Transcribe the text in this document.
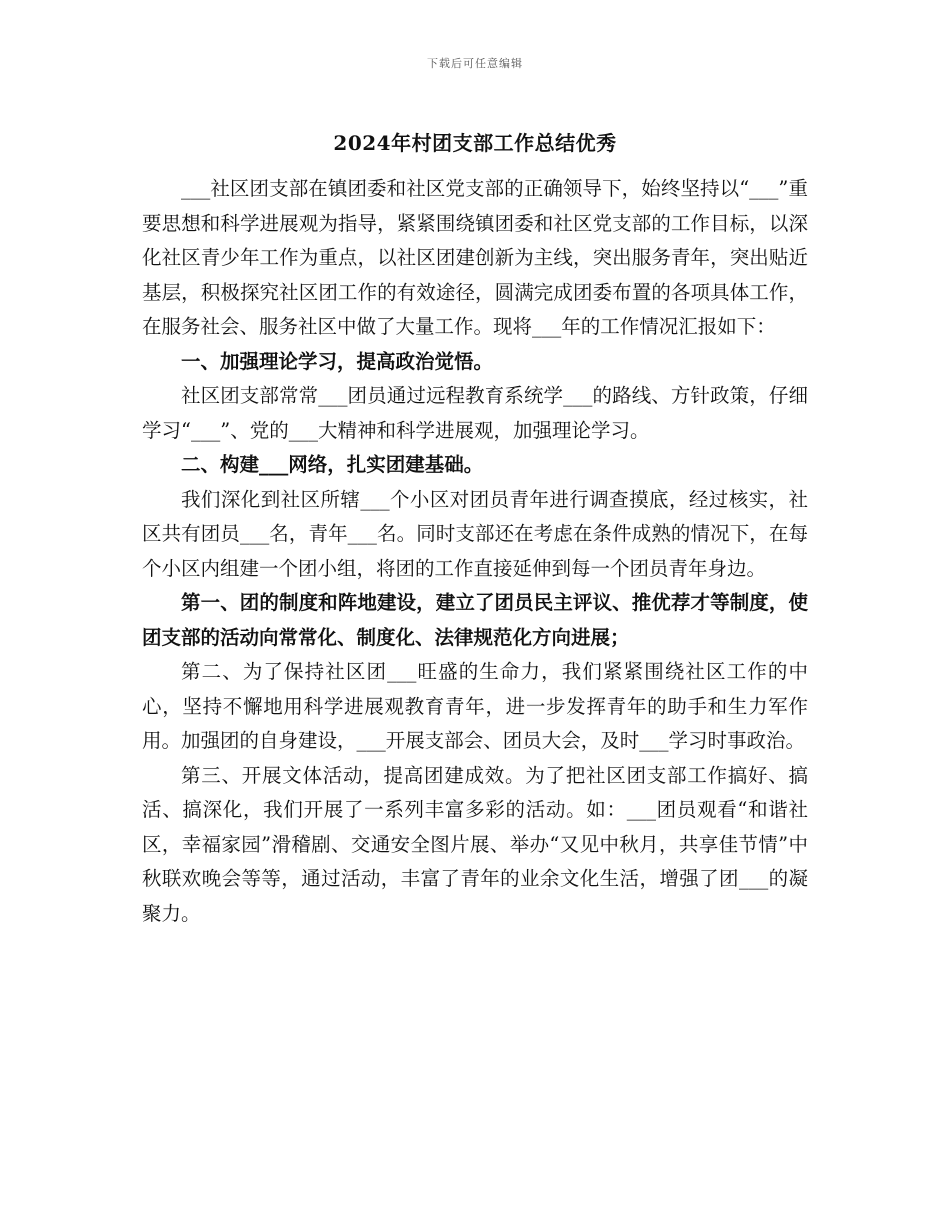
下载后可任意编辑
2024年村团支部工作总结优秀

___社区团支部在镇团委和社区党支部的正确领导下，始终坚持以“___”重要思想和科学进展观为指导，紧紧围绕镇团委和社区党支部的工作目标，以深化社区青少年工作为重点，以社区团建创新为主线，突出服务青年，突出贴近基层，积极探究社区团工作的有效途径，圆满完成团委布置的各项具体工作，在服务社会、服务社区中做了大量工作。现将___年的工作情况汇报如下：

一、加强理论学习，提高政治觉悟。

社区团支部常常___团员通过远程教育系统学___的路线、方针政策，仔细学习“___”、党的___大精神和科学进展观，加强理论学习。

二、构建___网络，扎实团建基础。

我们深化到社区所辖___个小区对团员青年进行调查摸底，经过核实，社区共有团员___名，青年___名。同时支部还在考虑在条件成熟的情况下，在每个小区内组建一个团小组，将团的工作直接延伸到每一个团员青年身边。

第一、团的制度和阵地建设，建立了团员民主评议、推优荐才等制度，使团支部的活动向常常化、制度化、法律规范化方向进展；

第二、为了保持社区团___旺盛的生命力，我们紧紧围绕社区工作的中心，坚持不懈地用科学进展观教育青年，进一步发挥青年的助手和生力军作用。加强团的自身建设，___开展支部会、团员大会，及时___学习时事政治。

第三、开展文体活动，提高团建成效。为了把社区团支部工作搞好、搞活、搞深化，我们开展了一系列丰富多彩的活动。如：___团员观看“和谐社区，幸福家园”滑稽剧、交通安全图片展、举办“又见中秋月，共享佳节情”中秋联欢晚会等等，通过活动，丰富了青年的业余文化生活，增强了团___的凝聚力。
